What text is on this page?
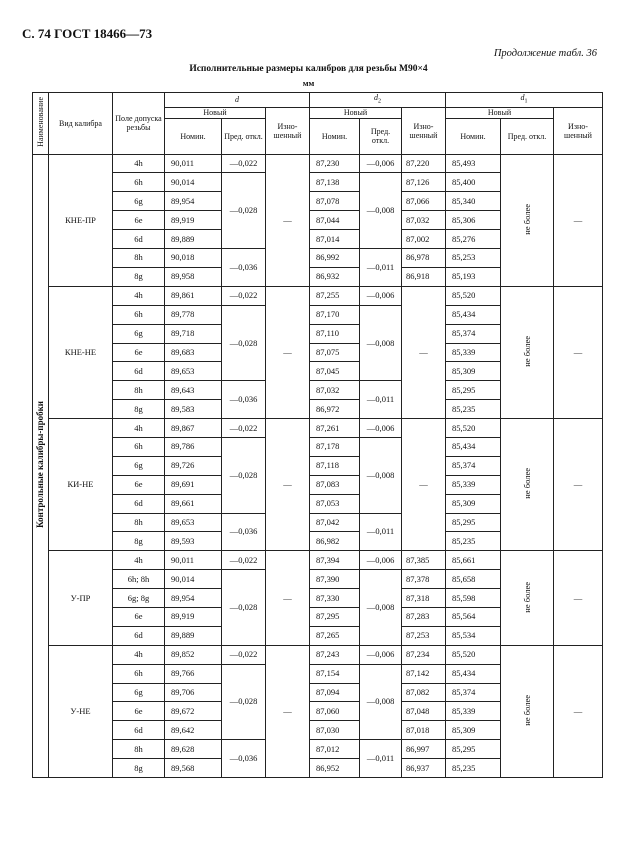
С. 74 ГОСТ 18466—73
Продолжение табл. 36
Исполнительные размеры калибров для резьбы М90×4
мм
Наименование	Вид калибра	Поле допуска резьбы	d			$d_2$			$d_1$
			Новый		Изно-шенный	Новый		Изно-шенный	Новый		Изно-шенный
			Номин.	Пред. откл.		Номин.	Пред. откл.		Номин.	Пред. откл.	
Контрольные калибры-пробки	КНЕ-ПР	4h	90,011	—0,022	—	87,230	—0,006	87,220	85,493	не более	—
		6h	90,014	—0,028		87,138	—0,008	87,126	85,400		
		6g	89,954			87,078		87,066	85,340		
		6e	89,919			87,044		87,032	85,306		
		6d	89,889			87,014		87,002	85,276		
		8h	90,018	—0,036		86,992	—0,011	86,978	85,253		
		8g	89,958			86,932		86,918	85,193		
	КНЕ-НЕ	4h	89,861	—0,022	—	87,255	—0,006	—	85,520	не более	—
		6h	89,778	—0,028		87,170	—0,008		85,434		
		6g	89,718			87,110			85,374		
		6e	89,683			87,075			85,339		
		6d	89,653			87,045			85,309		
		8h	89,643	—0,036		87,032	—0,011		85,295		
		8g	89,583			86,972			85,235		
	КИ-НЕ	4h	89,867	—0,022	—	87,261	—0,006	—	85,520	не более	—
		6h	89,786	—0,028		87,178	—0,008		85,434		
		6g	89,726			87,118			85,374		
		6e	89,691			87,083			85,339		
		6d	89,661			87,053			85,309		
		8h	89,653	—0,036		87,042	—0,011		85,295		
		8g	89,593			86,982			85,235		
	У-ПР	4h	90,011	—0,022	—	87,394	—0,006	87,385	85,661	не более	—
		6h; 8h	90,014	—0,028		87,390	—0,008	87,378	85,658		
		6g; 8g	89,954			87,330		87,318	85,598		
		6e	89,919			87,295		87,283	85,564		
		6d	89,889			87,265		87,253	85,534		
	У-НЕ	4h	89,852	—0,022	—	87,243	—0,006	87,234	85,520	не более	—
		6h	89,766	—0,028		87,154	—0,008	87,142	85,434		
		6g	89,706			87,094		87,082	85,374		
		6e	89,672			87,060		87,048	85,339		
		6d	89,642			87,030		87,018	85,309		
		8h	89,628	—0,036		87,012	—0,011	86,997	85,295		
		8g	89,568			86,952		86,937	85,235		
